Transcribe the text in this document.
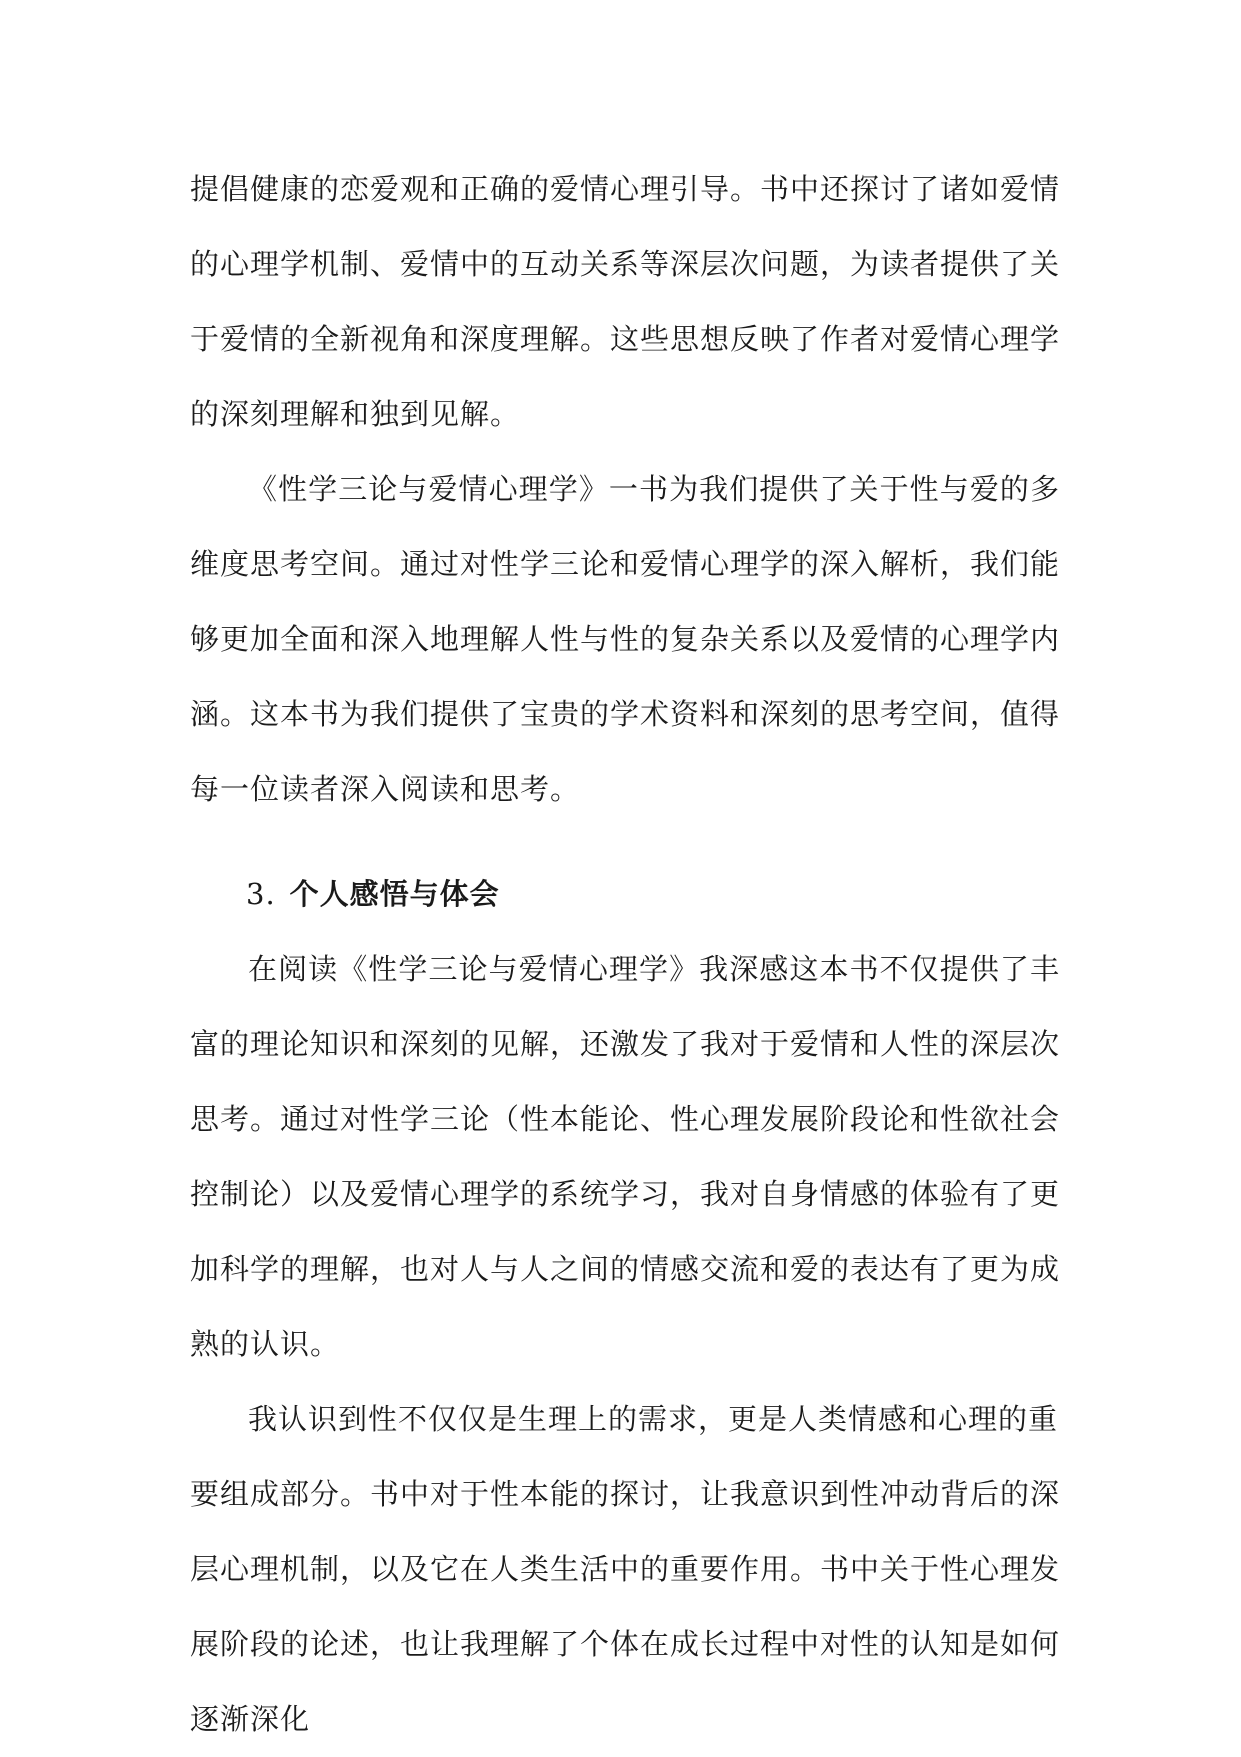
提倡健康的恋爱观和正确的爱情心理引导。书中还探讨了诸如爱情的心理学机制、爱情中的互动关系等深层次问题，为读者提供了关于爱情的全新视角和深度理解。这些思想反映了作者对爱情心理学的深刻理解和独到见解。

《性学三论与爱情心理学》一书为我们提供了关于性与爱的多维度思考空间。通过对性学三论和爱情心理学的深入解析，我们能够更加全面和深入地理解人性与性的复杂关系以及爱情的心理学内涵。这本书为我们提供了宝贵的学术资料和深刻的思考空间，值得每一位读者深入阅读和思考。

3. 个人感悟与体会

在阅读《性学三论与爱情心理学》我深感这本书不仅提供了丰富的理论知识和深刻的见解，还激发了我对于爱情和人性的深层次思考。通过对性学三论（性本能论、性心理发展阶段论和性欲社会控制论）以及爱情心理学的系统学习，我对自身情感的体验有了更加科学的理解，也对人与人之间的情感交流和爱的表达有了更为成熟的认识。

我认识到性不仅仅是生理上的需求，更是人类情感和心理的重要组成部分。书中对于性本能的探讨，让我意识到性冲动背后的深层心理机制，以及它在人类生活中的重要作用。书中关于性心理发展阶段的论述，也让我理解了个体在成长过程中对性的认知是如何逐渐深化
